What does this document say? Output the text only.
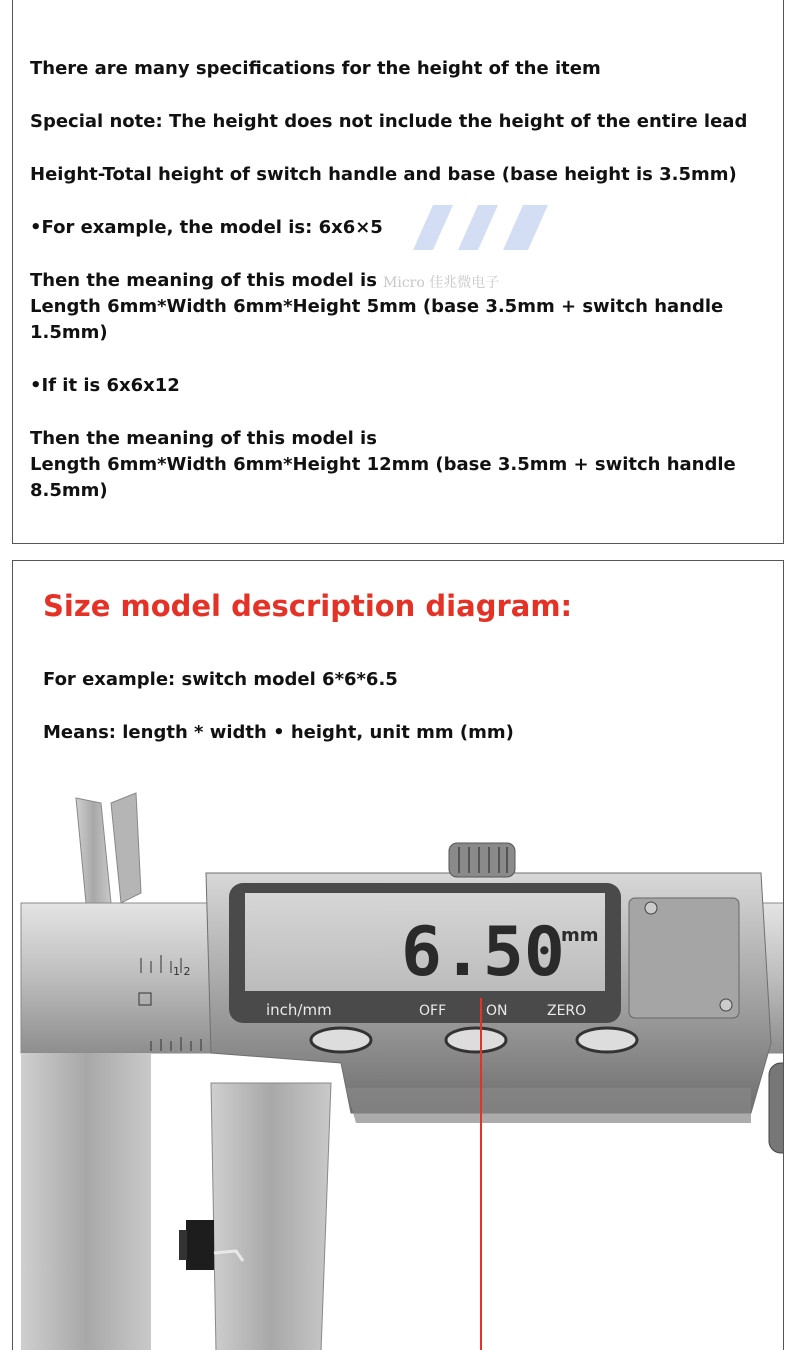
Micro 佳兆微电子
There are many specifications for the height of the item
Special note: The height does not include the height of the entire lead
Height-Total height of switch handle and base (base height is 3.5mm)
•For example, the model is: 6x6×5
Then the meaning of this model is
Length 6mm*Width 6mm*Height 5mm (base 3.5mm + switch handle
1.5mm)
•If it is 6x6x12
Then the meaning of this model is
Length 6mm*Width 6mm*Height 12mm (base 3.5mm + switch handle
8.5mm)
Size model description diagram:
For example: switch model 6*6*6.5
Means: length * width • height, unit mm (mm)
1 2	6.50
mm
inch/mm	OFF	ON	ZERO
